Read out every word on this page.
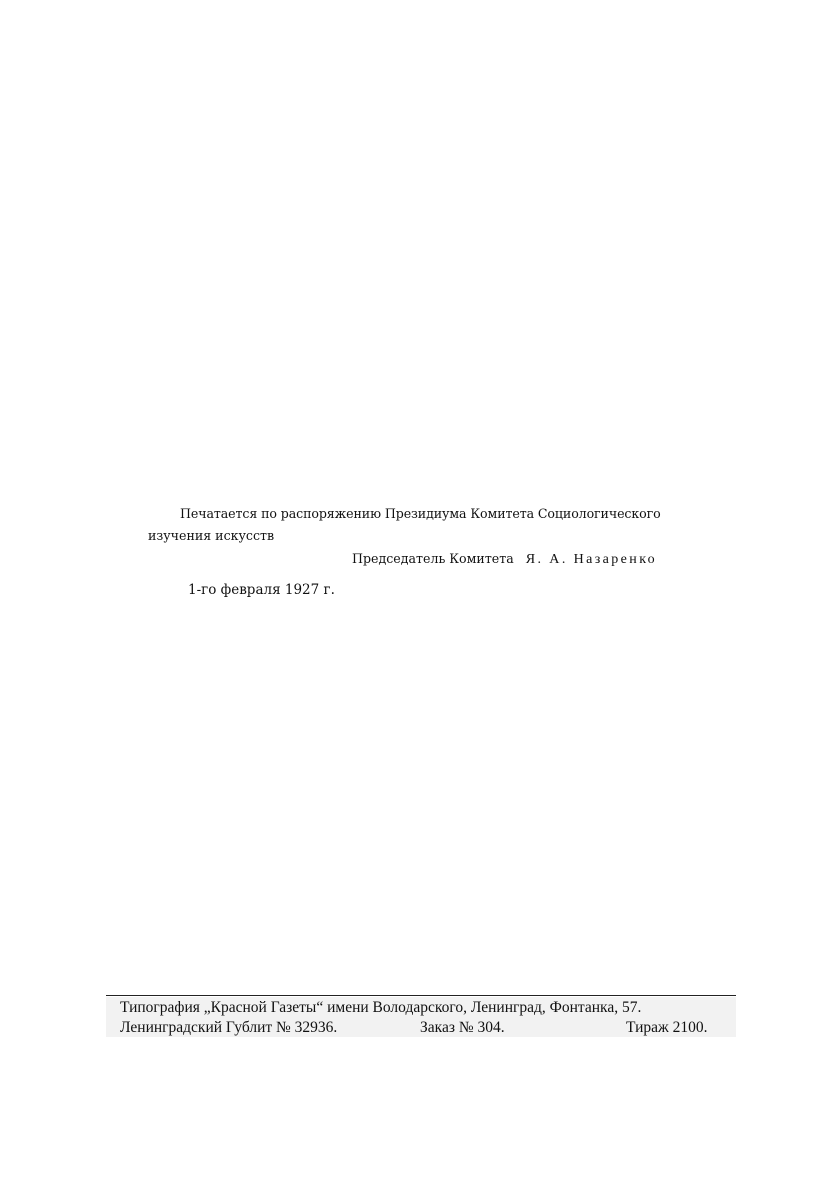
Печатается по распоряжению Президиума Комитета Социологического
изучения искусств
Председатель Комитета Я. А. Назаренко
1-го февраля 1927 г.
Типография „Красной Газеты“ имени Володарского, Ленинград, Фонтанка, 57.
Ленинградский Гублит № 32936.	Заказ № 304.	Тираж 2100.
